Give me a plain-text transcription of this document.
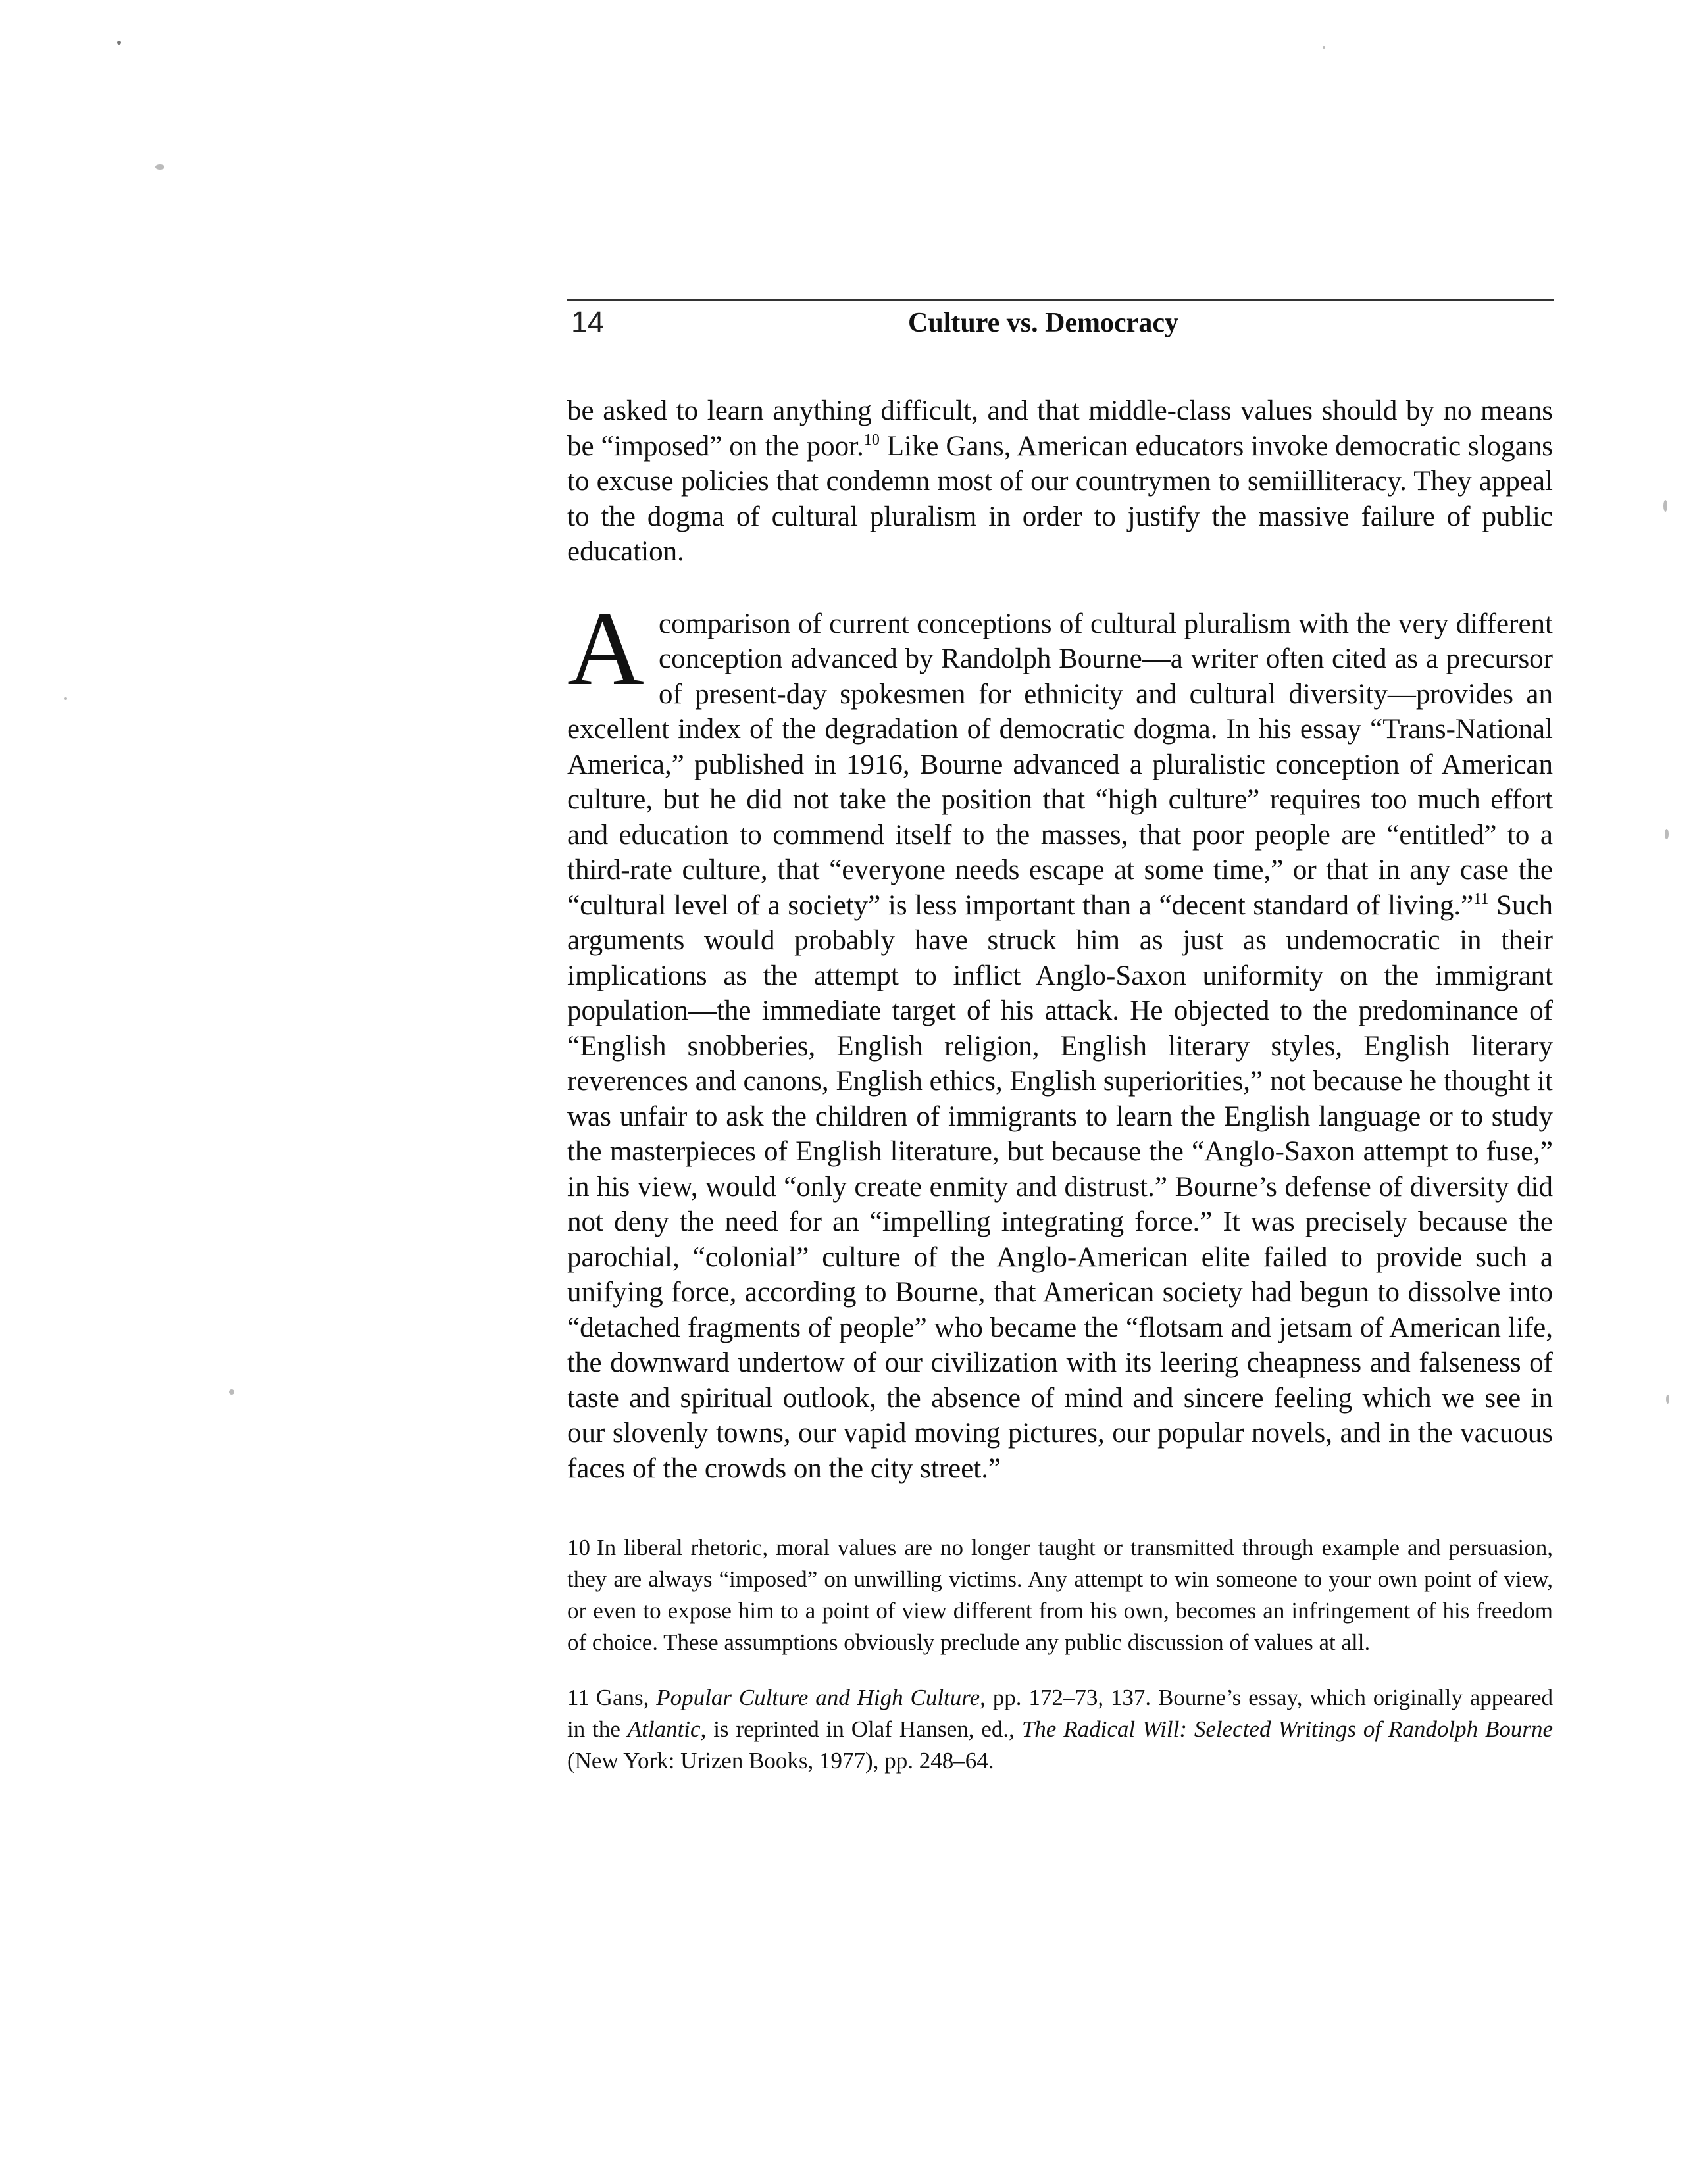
14	Culture vs. Democracy

be asked to learn anything difficult, and that middle-class values should by no means be “imposed” on the poor.$^{10}$ Like Gans, American educators invoke democratic slogans to excuse policies that condemn most of our countrymen to semiilliteracy. They appeal to the dogma of cultural pluralism in order to justify the massive failure of public education.

A comparison of current conceptions of cultural pluralism with the very different conception advanced by Randolph Bourne—a writer often cited as a precursor of present-day spokesmen for ethnicity and cultural diversity—provides an excellent index of the degradation of democratic dogma. In his essay “Trans-National America,” published in 1916, Bourne advanced a pluralistic conception of American culture, but he did not take the position that “high culture” requires too much effort and education to commend itself to the masses, that poor people are “entitled” to a third-rate culture, that “everyone needs escape at some time,” or that in any case the “cultural level of a society” is less important than a “decent standard of living.”$^{11}$ Such arguments would probably have struck him as just as undemocratic in their implications as the attempt to inflict Anglo-Saxon uniformity on the immigrant population—the immediate target of his attack. He objected to the predominance of “English snobberies, English religion, English literary styles, English literary reverences and canons, English ethics, English superiorities,” not because he thought it was unfair to ask the children of immigrants to learn the English language or to study the masterpieces of English literature, but because the “Anglo-Saxon attempt to fuse,” in his view, would “only create enmity and distrust.” Bourne’s defense of diversity did not deny the need for an “impelling integrating force.” It was precisely because the parochial, “colonial” culture of the Anglo-American elite failed to provide such a unifying force, according to Bourne, that American society had begun to dissolve into “detached fragments of people” who became the “flotsam and jetsam of American life, the downward undertow of our civilization with its leering cheapness and falseness of taste and spiritual outlook, the absence of mind and sincere feeling which we see in our slovenly towns, our vapid moving pictures, our popular novels, and in the vacuous faces of the crowds on the city street.”

10 In liberal rhetoric, moral values are no longer taught or transmitted through example and persuasion, they are always “imposed” on unwilling victims. Any attempt to win someone to your own point of view, or even to expose him to a point of view different from his own, becomes an infringement of his freedom of choice. These assumptions obviously preclude any public discussion of values at all.

11 Gans, Popular Culture and High Culture, pp. 172–73, 137. Bourne’s essay, which originally appeared in the Atlantic, is reprinted in Olaf Hansen, ed., The Radical Will: Selected Writings of Randolph Bourne (New York: Urizen Books, 1977), pp. 248–64.
